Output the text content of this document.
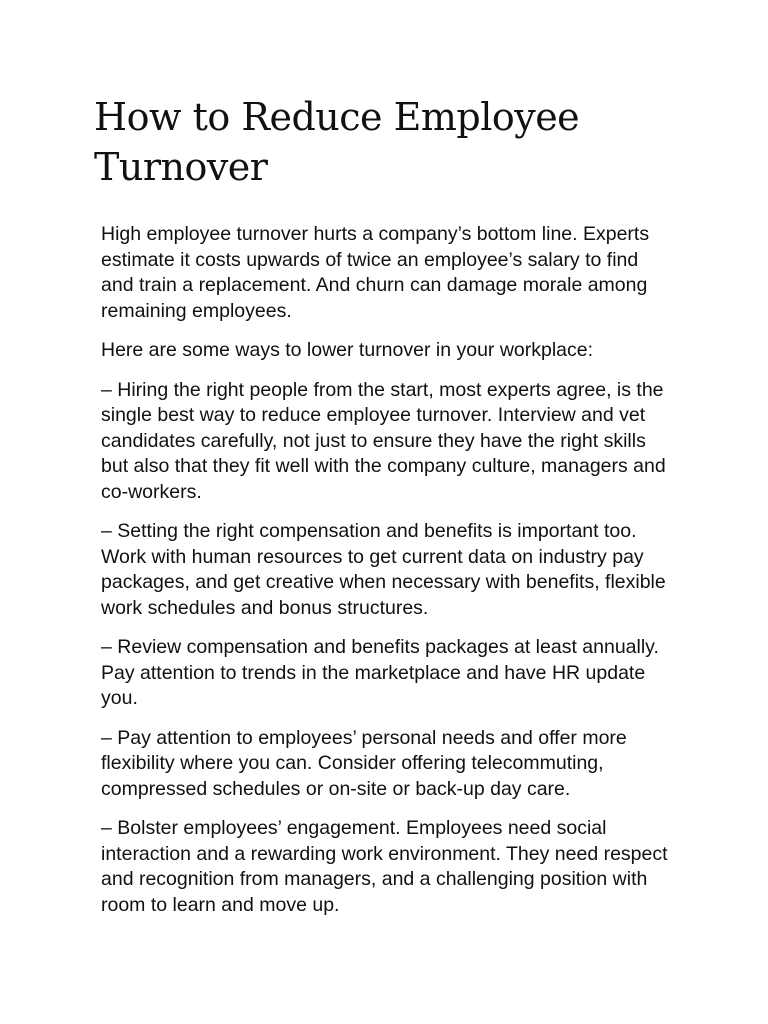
How to Reduce Employee Turnover

High employee turnover hurts a company’s bottom line. Experts estimate it costs upwards of twice an employee’s salary to find and train a replacement. And churn can damage morale among remaining employees.

Here are some ways to lower turnover in your workplace:

– Hiring the right people from the start, most experts agree, is the single best way to reduce employee turnover. Interview and vet candidates carefully, not just to ensure they have the right skills but also that they fit well with the company culture, managers and co-workers.

– Setting the right compensation and benefits is important too. Work with human resources to get current data on industry pay packages, and get creative when necessary with benefits, flexible work schedules and bonus structures.

– Review compensation and benefits packages at least annually. Pay attention to trends in the marketplace and have HR update you.

– Pay attention to employees’ personal needs and offer more flexibility where you can. Consider offering telecommuting, compressed schedules or on-site or back-up day care.

– Bolster employees’ engagement. Employees need social interaction and a rewarding work environment. They need respect and recognition from managers, and a challenging position with room to learn and move up.
